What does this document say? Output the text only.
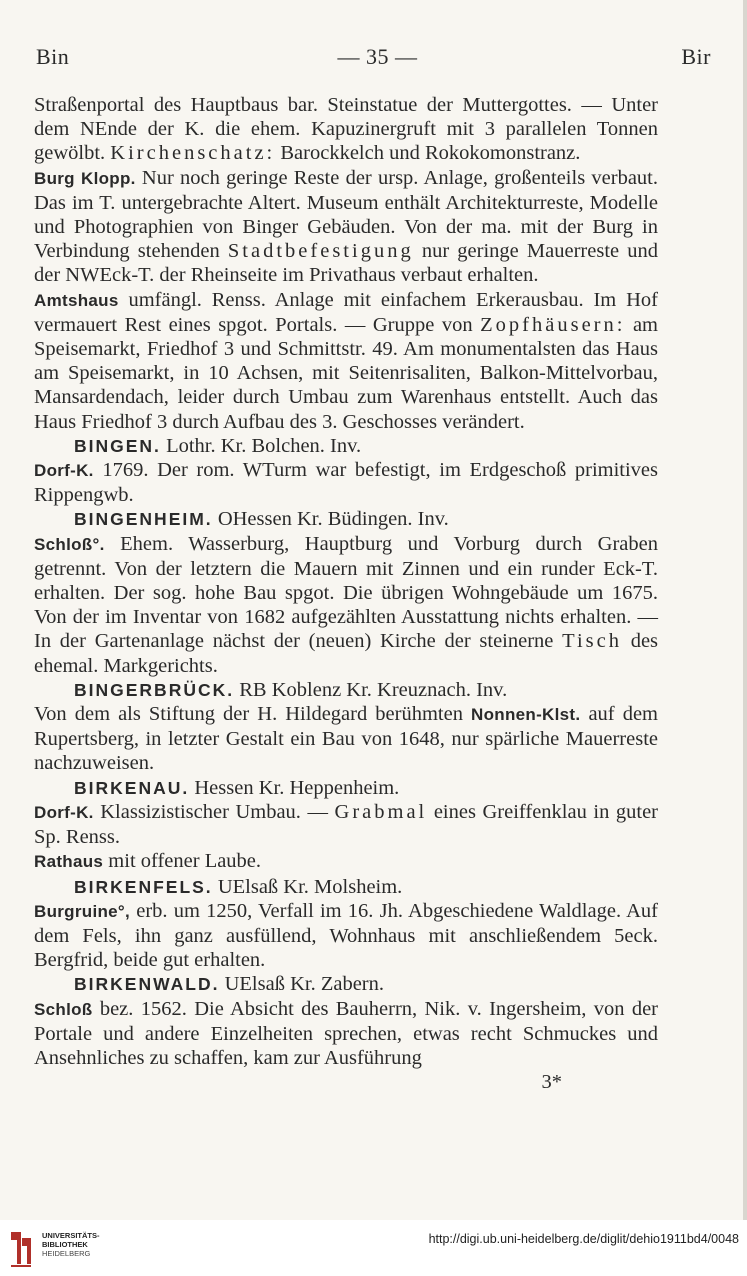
Bin	— 35 —	Bir

Straßenportal des Hauptbaus bar. Steinstatue der Muttergottes. — Unter dem NEnde der K. die ehem. Kapuzinergruft mit 3 parallelen Tonnen gewölbt. Kirchenschatz: Barockkelch und Rokokomonstranz.

Burg Klopp. Nur noch geringe Reste der ursp. Anlage, großenteils verbaut. Das im T. untergebrachte Altert. Museum enthält Architekturreste, Modelle und Photographien von Binger Gebäuden. Von der ma. mit der Burg in Verbindung stehenden Stadtbefestigung nur geringe Mauerreste und der NWEck-T. der Rheinseite im Privathaus verbaut erhalten.

Amtshaus umfängl. Renss. Anlage mit einfachem Erkerausbau. Im Hof vermauert Rest eines spgot. Portals. — Gruppe von Zopfhäusern: am Speisemarkt, Friedhof 3 und Schmittstr. 49. Am monumentalsten das Haus am Speisemarkt, in 10 Achsen, mit Seitenrisaliten, Balkon-Mittelvorbau, Mansardendach, leider durch Umbau zum Warenhaus entstellt. Auch das Haus Friedhof 3 durch Aufbau des 3. Geschosses verändert.

BINGEN. Lothr. Kr. Bolchen. Inv.

Dorf-K. 1769. Der rom. WTurm war befestigt, im Erdgeschoß primitives Rippengwb.

BINGENHEIM. OHessen Kr. Büdingen. Inv.

Schloß°. Ehem. Wasserburg, Hauptburg und Vorburg durch Graben getrennt. Von der letztern die Mauern mit Zinnen und ein runder Eck-T. erhalten. Der sog. hohe Bau spgot. Die übrigen Wohngebäude um 1675. Von der im Inventar von 1682 aufgezählten Ausstattung nichts erhalten. — In der Gartenanlage nächst der (neuen) Kirche der steinerne Tisch des ehemal. Markgerichts.

BINGERBRÜCK. RB Koblenz Kr. Kreuznach. Inv.

Von dem als Stiftung der H. Hildegard berühmten Nonnen-Klst. auf dem Rupertsberg, in letzter Gestalt ein Bau von 1648, nur spärliche Mauerreste nachzuweisen.

BIRKENAU. Hessen Kr. Heppenheim.

Dorf-K. Klassizistischer Umbau. — Grabmal eines Greiffenklau in guter Sp. Renss.

Rathaus mit offener Laube.

BIRKENFELS. UElsaß Kr. Molsheim.

Burgruine°, erb. um 1250, Verfall im 16. Jh. Abgeschiedene Waldlage. Auf dem Fels, ihn ganz ausfüllend, Wohnhaus mit anschließendem 5eck. Bergfrid, beide gut erhalten.

BIRKENWALD. UElsaß Kr. Zabern.

Schloß bez. 1562. Die Absicht des Bauherrn, Nik. v. Ingersheim, von der Portale und andere Einzelheiten sprechen, etwas recht Schmuckes und Ansehnliches zu schaffen, kam zur Ausführung

3*

UNIVERSITÄTS-
BIBLIOTHEK
HEIDELBERG
http://digi.ub.uni-heidelberg.de/diglit/dehio1911bd4/0048
